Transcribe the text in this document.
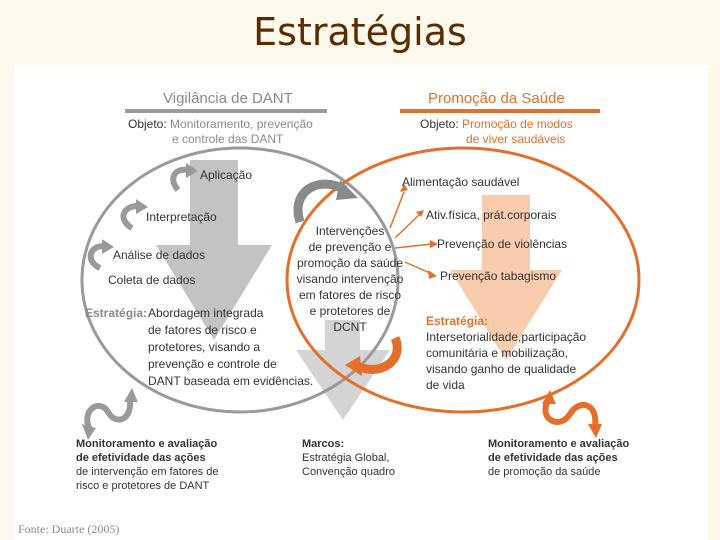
Estratégias
Vigilância de DANT
Objeto: Monitoramento, prevenção
e controle das DANT
Aplicação
Interpretação
Análise de dados
Coleta de dados
Estratégia: Abordagem integrada
de fatores de risco e
protetores, visando a
prevenção e controle de
DANT baseada em evidências.
Promoção da Saúde
Objeto: Promoção de modos
de viver saudáveis
Alimentação saudável
Ativ.física, prát.corporais
Prevenção de violências
Prevenção tabagismo
Estratégia:
Intersetorialidade,participação
comunitária e mobilização,
visando ganho de qualidade
de vida
Intervenções
de prevenção e
promoção da saúde
visando intervenção
em fatores de risco
e protetores de
DCNT
Monitoramento e avaliação
de efetividade das ações
de intervenção em fatores de
risco e protetores de DANT
Marcos:
Estratégia Global,
Convenção quadro
Monitoramento e avaliação
de efetividade das ações
de promoção da saúde
Fonte: Duarte (2005)
